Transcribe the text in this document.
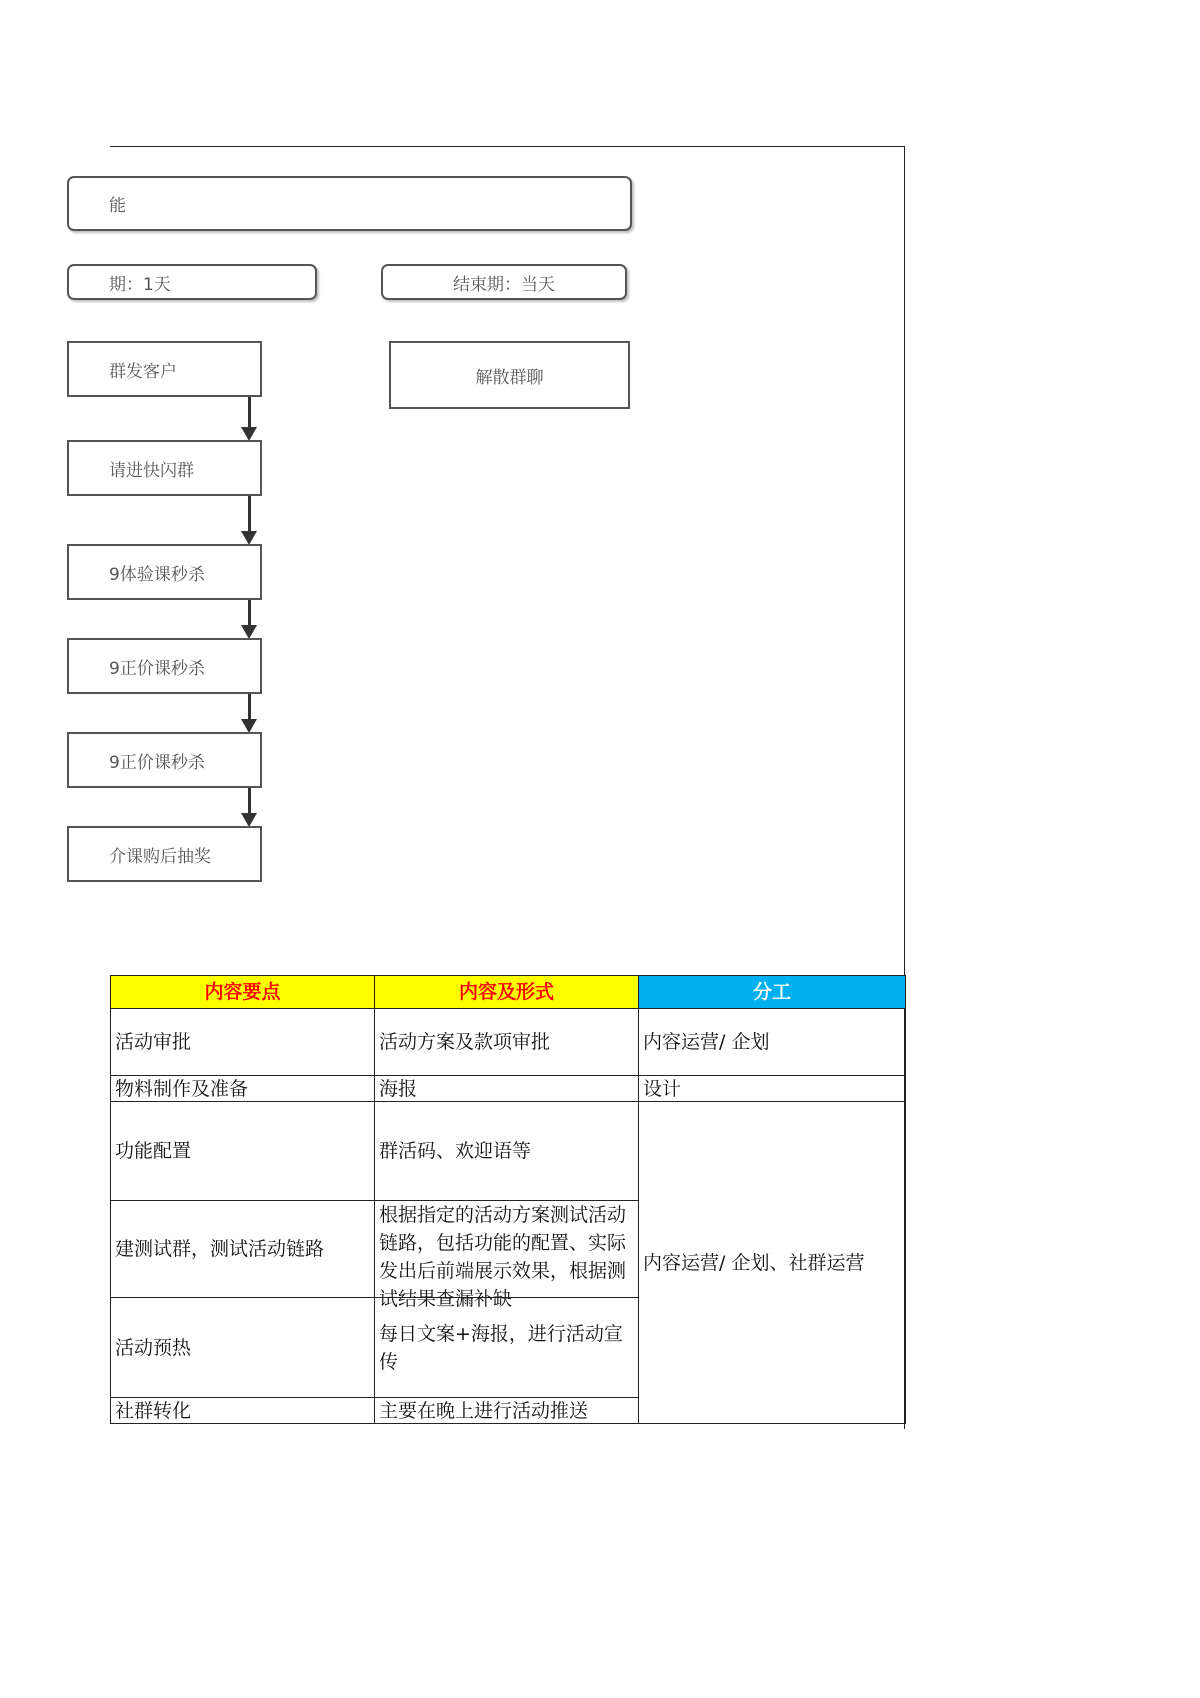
能
期：1天	结束期：当天
解散群聊
群发客户
请进快闪群
9体验课秒杀
9正价课秒杀
9正价课秒杀
介课购后抽奖
内容要点	内容及形式	分工
活动审批	活动方案及款项审批	内容运营/ 企划
物料制作及准备	海报	设计
功能配置	群活码、欢迎语等	内容运营/ 企划、社群运营
建测试群，测试活动链路	根据指定的活动方案测试活动链路，包括功能的配置、实际发出后前端展示效果，根据测试结果查漏补缺	

活动预热	每日文案+海报，进行活动宣传	
社群转化	主要在晚上进行活动推送	
